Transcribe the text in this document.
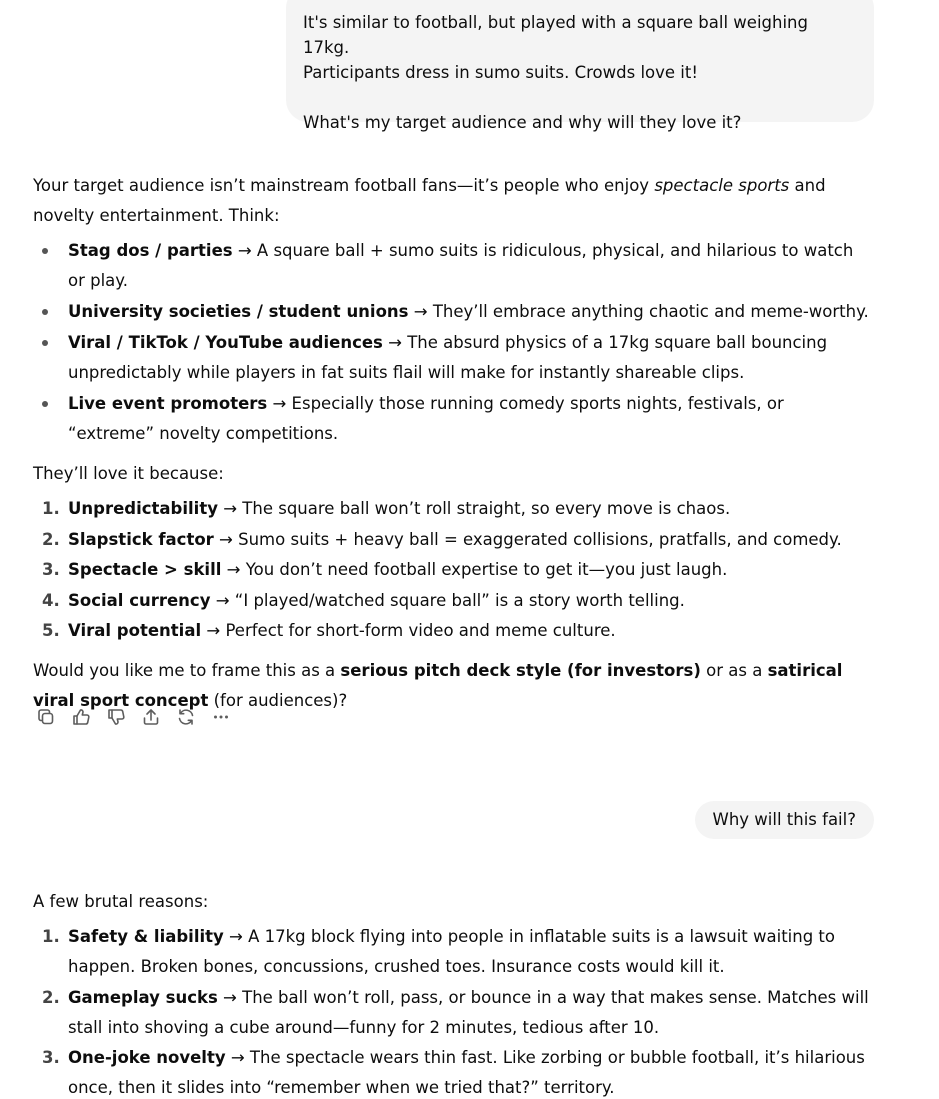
It's similar to football, but played with a square ball weighing 17kg.

Participants dress in sumo suits. Crowds love it!

What's my target audience and why will they love it?

Your target audience isn’t mainstream football fans—it’s people who enjoy spectacle sports and novelty entertainment. Think:

Stag dos / parties → A square ball + sumo suits is ridiculous, physical, and hilarious to watch or play.
University societies / student unions → They’ll embrace anything chaotic and meme-worthy.
Viral / TikTok / YouTube audiences → The absurd physics of a 17kg square ball bouncing unpredictably while players in fat suits flail will make for instantly shareable clips.
Live event promoters → Especially those running comedy sports nights, festivals, or “extreme” novelty competitions.

They’ll love it because:

1. Unpredictability → The square ball won’t roll straight, so every move is chaos.
2. Slapstick factor → Sumo suits + heavy ball = exaggerated collisions, pratfalls, and comedy.
3. Spectacle > skill → You don’t need football expertise to get it—you just laugh.
4. Social currency → “I played/watched square ball” is a story worth telling.
5. Viral potential → Perfect for short-form video and meme culture.

Would you like me to frame this as a serious pitch deck style (for investors) or as a satirical viral sport concept (for audiences)?

Why will this fail?

A few brutal reasons:

1. Safety & liability → A 17kg block flying into people in inflatable suits is a lawsuit waiting to happen. Broken bones, concussions, crushed toes. Insurance costs would kill it.
2. Gameplay sucks → The ball won’t roll, pass, or bounce in a way that makes sense. Matches will stall into shoving a cube around—funny for 2 minutes, tedious after 10.
3. One-joke novelty → The spectacle wears thin fast. Like zorbing or bubble football, it’s hilarious once, then it slides into “remember when we tried that?” territory.
